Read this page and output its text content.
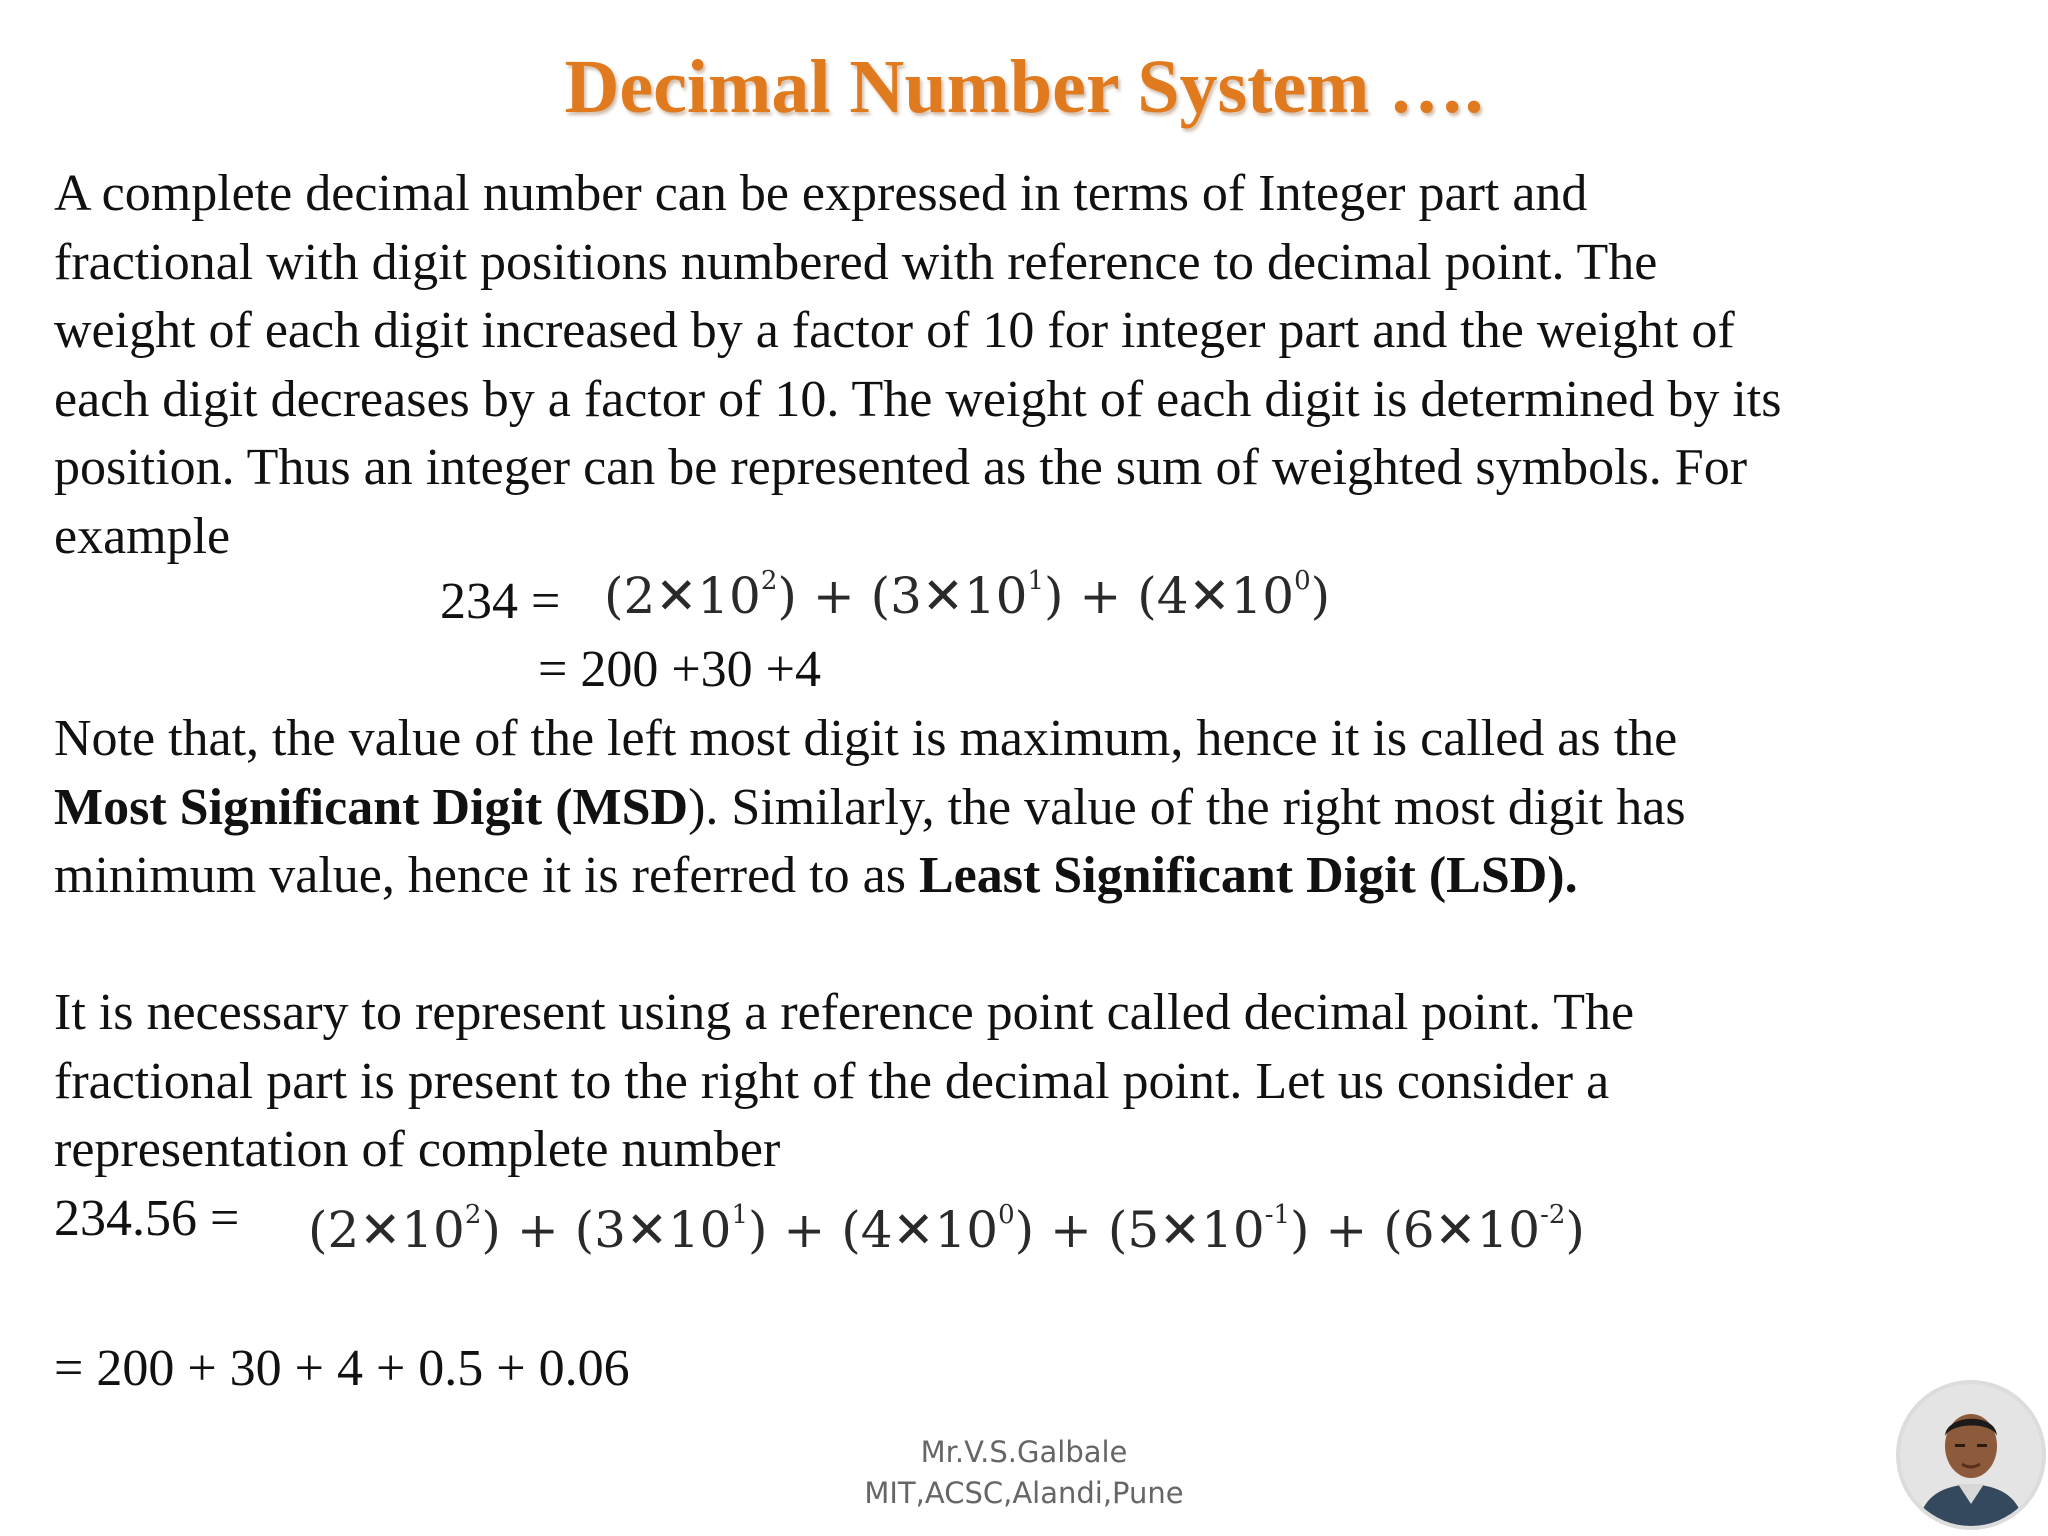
Decimal Number System ….
A complete decimal number can be expressed in terms of Integer part and
fractional with digit positions numbered with reference to decimal point. The
weight of each digit increased by a factor of 10 for integer part and the weight of
each digit decreases by a factor of 10. The weight of each digit is determined by its
position. Thus an integer can be represented as the sum of weighted symbols. For
example
$234 = (2✕10^2)$ + $(3✕10^1)$ + $(4✕10^0)$
= 200 +30 +4
Note that, the value of the left most digit is maximum, hence it is called as the
Most Significant Digit (MSD). Similarly, the value of the right most digit has
minimum value, hence it is referred to as Least Significant Digit (LSD).
It is necessary to represent using a reference point called decimal point. The
fractional part is present to the right of the decimal point. Let us consider a
representation of complete number
$234.56 = (2✕10^2)$ + $(3✕10^1)$ + $(4✕10^0)$ + $(5✕10^{-1})$ + $(6✕10^{-2})$
= 200 + 30 + 4 + 0.5 + 0.06
Mr.V.S.Galbale
MIT,ACSC,Alandi,Pune
